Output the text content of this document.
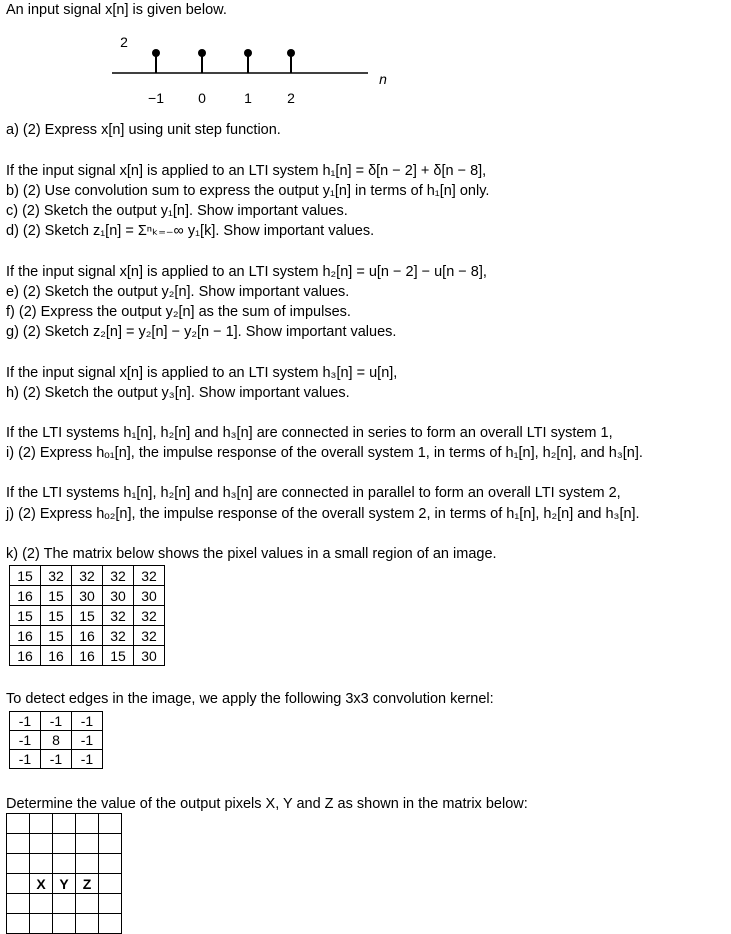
An input signal x[n] is given below.
2
n
−1 0	1	2
a) (2) Express x[n] using unit step function.
If the input signal x[n] is applied to an LTI system h₁[n] = δ[n − 2] + δ[n − 8],
b) (2) Use convolution sum to express the output y₁[n] in terms of h₁[n] only.
c) (2) Sketch the output y₁[n]. Show important values.
d) (2) Sketch z₁[n] = Σⁿₖ₌₋∞ y₁[k]. Show important values.
If the input signal x[n] is applied to an LTI system h₂[n] = u[n − 2] − u[n − 8],
e) (2) Sketch the output y₂[n]. Show important values.
f) (2) Express the output y₂[n] as the sum of impulses.
g) (2) Sketch z₂[n] = y₂[n] − y₂[n − 1]. Show important values.
If the input signal x[n] is applied to an LTI system h₃[n] = u[n],
h) (2) Sketch the output y₃[n]. Show important values.
If the LTI systems h₁[n], h₂[n] and h₃[n] are connected in series to form an overall LTI system 1,
i) (2) Express hₒ₁[n], the impulse response of the overall system 1, in terms of h₁[n], h₂[n], and h₃[n].
If the LTI systems h₁[n], h₂[n] and h₃[n] are connected in parallel to form an overall LTI system 2,
j) (2) Express hₒ₂[n], the impulse response of the overall system 2, in terms of h₁[n], h₂[n] and h₃[n].
k) (2) The matrix below shows the pixel values in a small region of an image.
15	32	32	32	32
16	15	30	30	30
15	15	15	32	32
16	15	16	32	32
16	16	16	15	30
To detect edges in the image, we apply the following 3x3 convolution kernel:
-1	-1	-1
-1	8	-1
-1	-1	-1
Determine the value of the output pixels X, Y and Z as shown in the matrix below:

	X	Y	Z	
